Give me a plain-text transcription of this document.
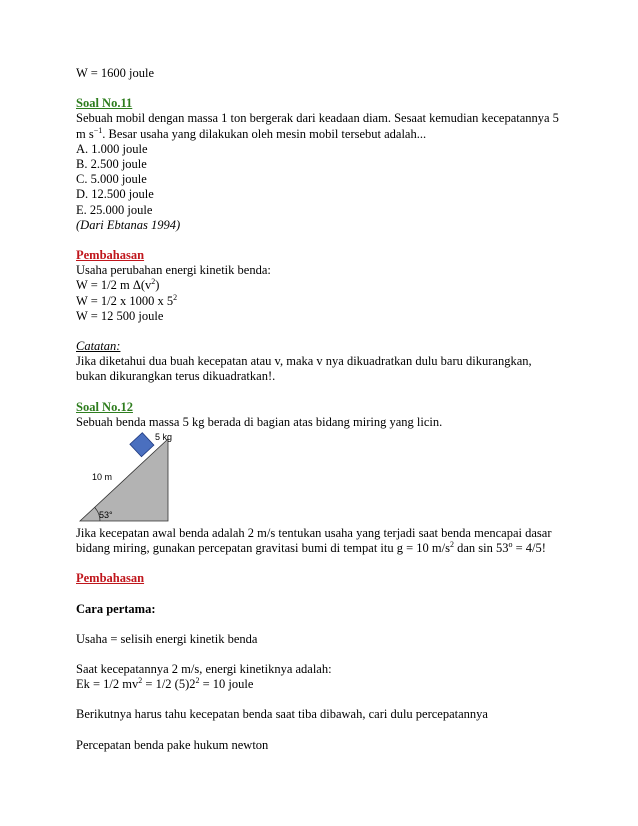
W = 1600 joule
Soal No.11
Sebuah mobil dengan massa 1 ton bergerak dari keadaan diam. Sesaat kemudian kecepatannya 5
m $s^{-1}$. Besar usaha yang dilakukan oleh mesin mobil tersebut adalah...
A. 1.000 joule
B. 2.500 joule
C. 5.000 joule
D. 12.500 joule
E. 25.000 joule
(Dari Ebtanas 1994)
Pembahasan
Usaha perubahan energi kinetik benda:
W = 1/2 m $\Delta(v^2)$
W = 1/2 x 1000 x $5^2$
W = 12 500 joule
Catatan:
Jika diketahui dua buah kecepatan atau v, maka v nya dikuadratkan dulu baru dikurangkan,
bukan dikurangkan terus dikuadratkan!.
Soal No.12
Sebuah benda massa 5 kg berada di bagian atas bidang miring yang licin.
5 kg
10 m
53°
Jika kecepatan awal benda adalah 2 m/s tentukan usaha yang terjadi saat benda mencapai dasar
bidang miring, gunakan percepatan gravitasi bumi di tempat itu g = 10 $m/s^2$ dan $\sin 53^o = 4/5$!
Pembahasan
Cara pertama:
Usaha = selisih energi kinetik benda
Saat kecepatannya 2 m/s, energi kinetiknya adalah:
Ek = 1/2 $mv^2 = 1/2$ $(5)2^2 = 10$ joule
Berikutnya harus tahu kecepatan benda saat tiba dibawah, cari dulu percepatannya
Percepatan benda pake hukum newton
